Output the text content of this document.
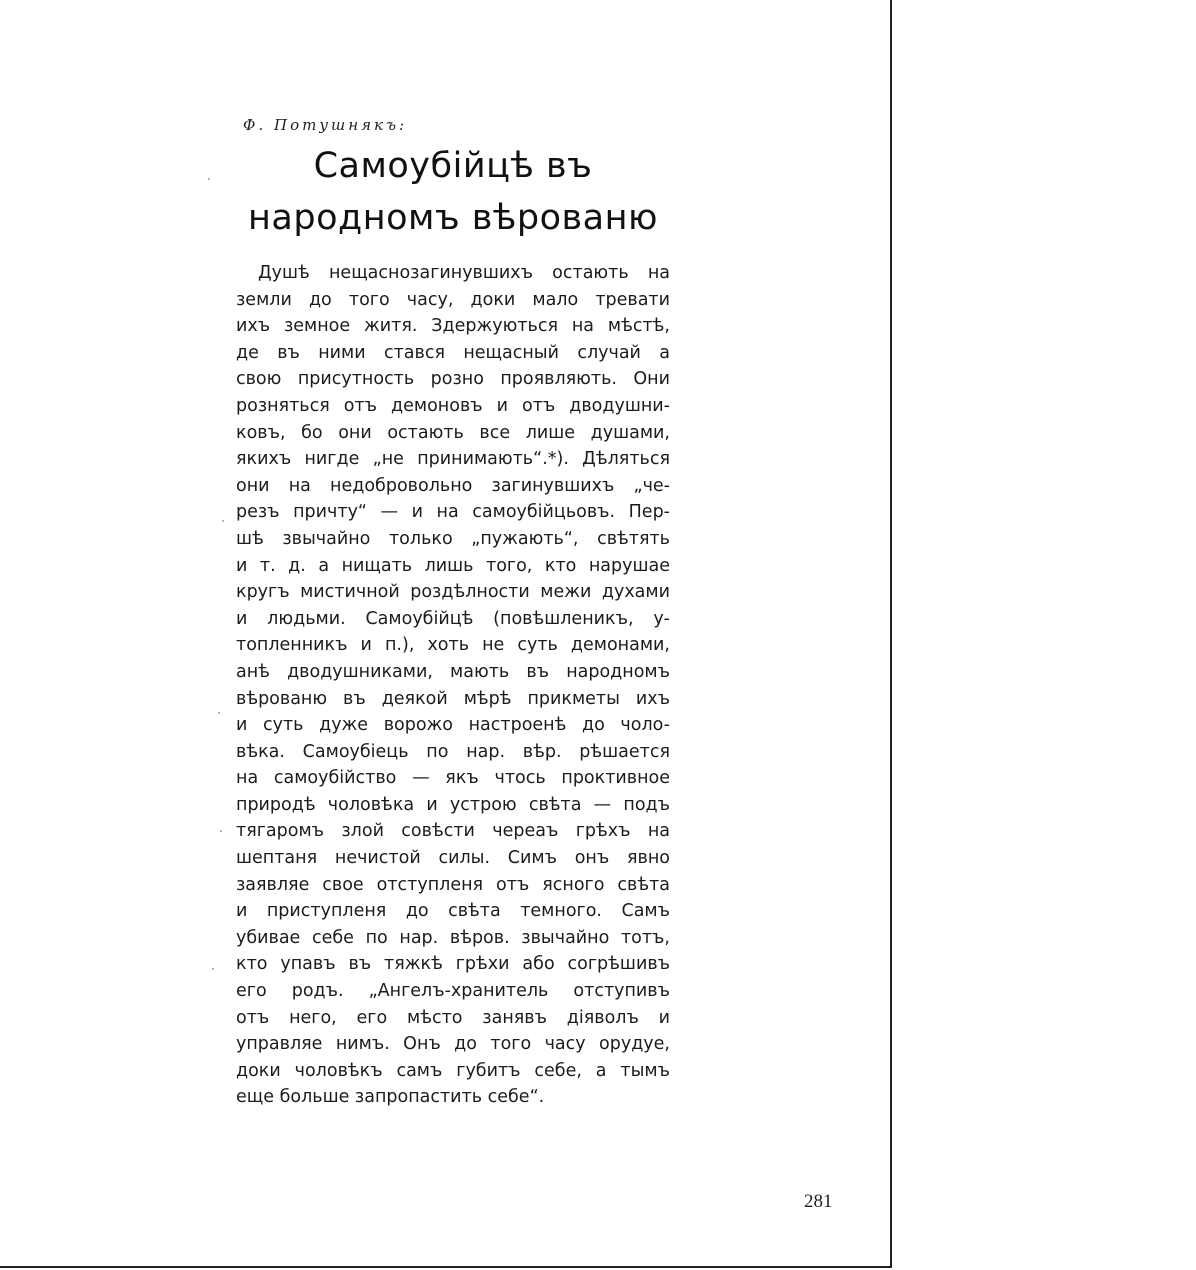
Ф. Потушнякъ:
Самоубійцѣ въ
народномъ вѣрованю
Душѣ нещаснозагинувшихъ остають на
земли до того часу, доки мало тревати
ихъ земное житя. Здержуються на мѣстѣ,
де въ ними стався нещасный случай а
свою присутность розно проявляють. Они
розняться отъ демоновъ и отъ двoдушни-
ковъ, бо они остають все лише душами,
якихъ нигде „не принимають“.*). Дѣляться
они на недобровольно загинувшихъ „че-
резъ причту“ — и на самоубійцьовъ. Пер-
шѣ звычайно только „пужають“, свѣтять
и т. д. а нищать лишь того, кто нарушае
кругъ мистичной роздѣлности межи духами
и людьми. Самоубійцѣ (повѣшленикъ, у-
топленникъ и п.), хоть не суть демонами,
анѣ двoдушниками, мають въ народномъ
вѣрованю въ деякой мѣрѣ прикметы ихъ
и суть дуже ворожо настроенѣ до чолo-
вѣка. Самоубіець по нар. вѣр. рѣшается
на самоубійство — якъ чтось проктивное
природѣ чоловѣка и устрою свѣта — подъ
тягаромъ злой совѣсти череаъ грѣхъ на
шептаня нечистой силы. Симъ онъ явно
заявляе свое отступленя отъ ясного свѣта
и приступленя до свѣта темного. Самъ
убивае себе по нар. вѣров. звычайно тотъ,
кто упавъ въ тяжкѣ грѣхи або согрѣшивъ
его родъ. „Ангелъ-хранитель отступивъ
отъ него, его мѣсто занявъ дiяволъ и
управляе нимъ. Онъ до того часу орудуе,
доки чоловѣкъ самъ губитъ себе, а тымъ
еще больше запропастить себе“.
281
